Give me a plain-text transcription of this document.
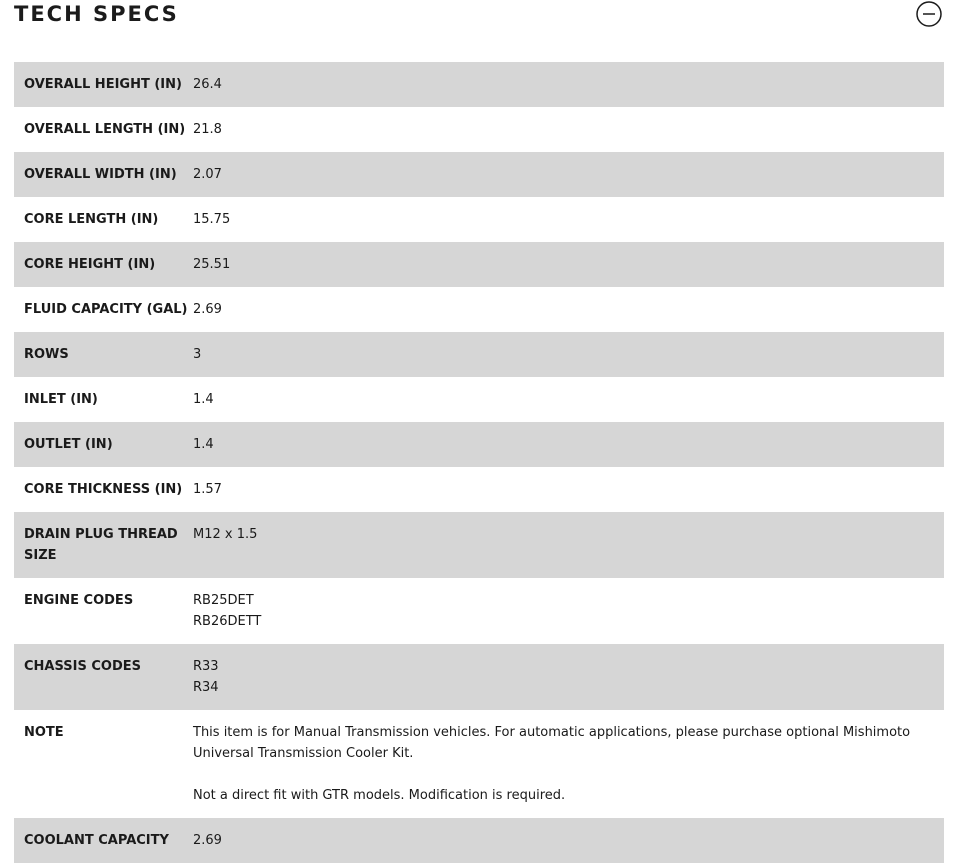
TECH SPECS
OVERALL HEIGHT (IN) 26.4
OVERALL LENGTH (IN) 21.8
OVERALL WIDTH (IN)	2.07
CORE LENGTH (IN)	15.75
CORE HEIGHT (IN)	25.51
FLUID CAPACITY (GAL) 2.69
ROWS	3
INLET (IN)	1.4
OUTLET (IN)	1.4
CORE THICKNESS (IN) 1.57
DRAIN PLUG THREAD SIZE
M12 x 1.5
ENGINE CODES	RB25DET
RB26DETT
CHASSIS CODES	R33
R34
NOTE	This item is for Manual Transmission vehicles. For automatic applications, please purchase optional Mishimoto Universal Transmission Cooler Kit.
Not a direct fit with GTR models. Modification is required.
COOLANT CAPACITY	2.69
